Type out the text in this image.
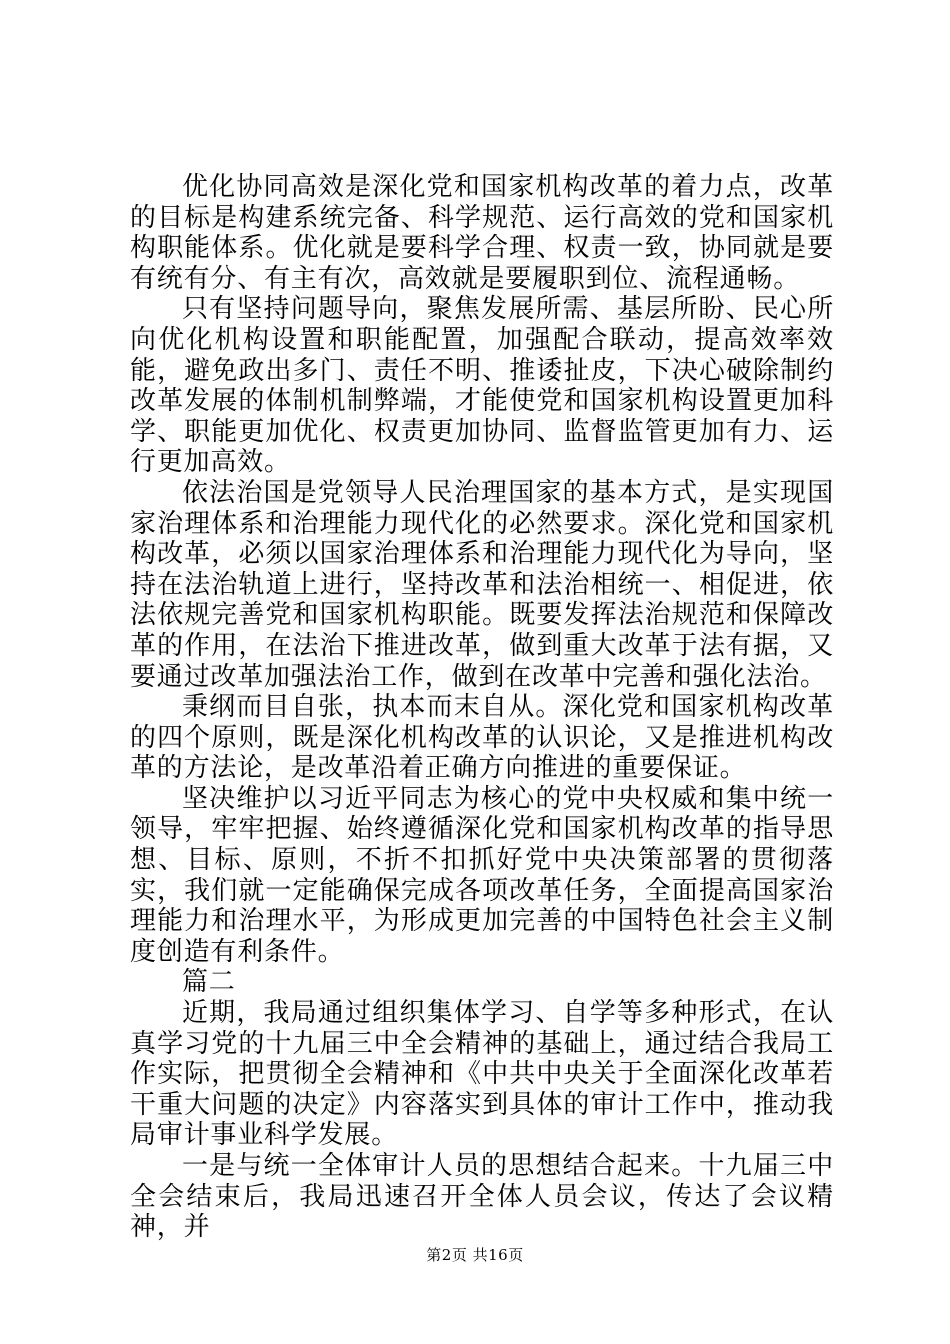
优化协同高效是深化党和国家机构改革的着力点，改革的目标是构建系统完备、科学规范、运行高效的党和国家机构职能体系。优化就是要科学合理、权责一致，协同就是要有统有分、有主有次，高效就是要履职到位、流程通畅。

只有坚持问题导向，聚焦发展所需、基层所盼、民心所向优化机构设置和职能配置，加强配合联动，提高效率效能，避免政出多门、责任不明、推诿扯皮，下决心破除制约改革发展的体制机制弊端，才能使党和国家机构设置更加科学、职能更加优化、权责更加协同、监督监管更加有力、运行更加高效。

依法治国是党领导人民治理国家的基本方式，是实现国家治理体系和治理能力现代化的必然要求。深化党和国家机构改革，必须以国家治理体系和治理能力现代化为导向，坚持在法治轨道上进行，坚持改革和法治相统一、相促进，依法依规完善党和国家机构职能。既要发挥法治规范和保障改革的作用，在法治下推进改革，做到重大改革于法有据，又要通过改革加强法治工作，做到在改革中完善和强化法治。

秉纲而目自张，执本而末自从。深化党和国家机构改革的四个原则，既是深化机构改革的认识论，又是推进机构改革的方法论，是改革沿着正确方向推进的重要保证。

坚决维护以习近平同志为核心的党中央权威和集中统一领导，牢牢把握、始终遵循深化党和国家机构改革的指导思想、目标、原则，不折不扣抓好党中央决策部署的贯彻落实，我们就一定能确保完成各项改革任务，全面提高国家治理能力和治理水平，为形成更加完善的中国特色社会主义制度创造有利条件。

篇二

近期，我局通过组织集体学习、自学等多种形式，在认真学习党的十九届三中全会精神的基础上，通过结合我局工作实际，把贯彻全会精神和《中共中央关于全面深化改革若干重大问题的决定》内容落实到具体的审计工作中，推动我局审计事业科学发展。

一是与统一全体审计人员的思想结合起来。十九届三中全会结束后，我局迅速召开全体人员会议，传达了会议精神，并

第2页 共16页
